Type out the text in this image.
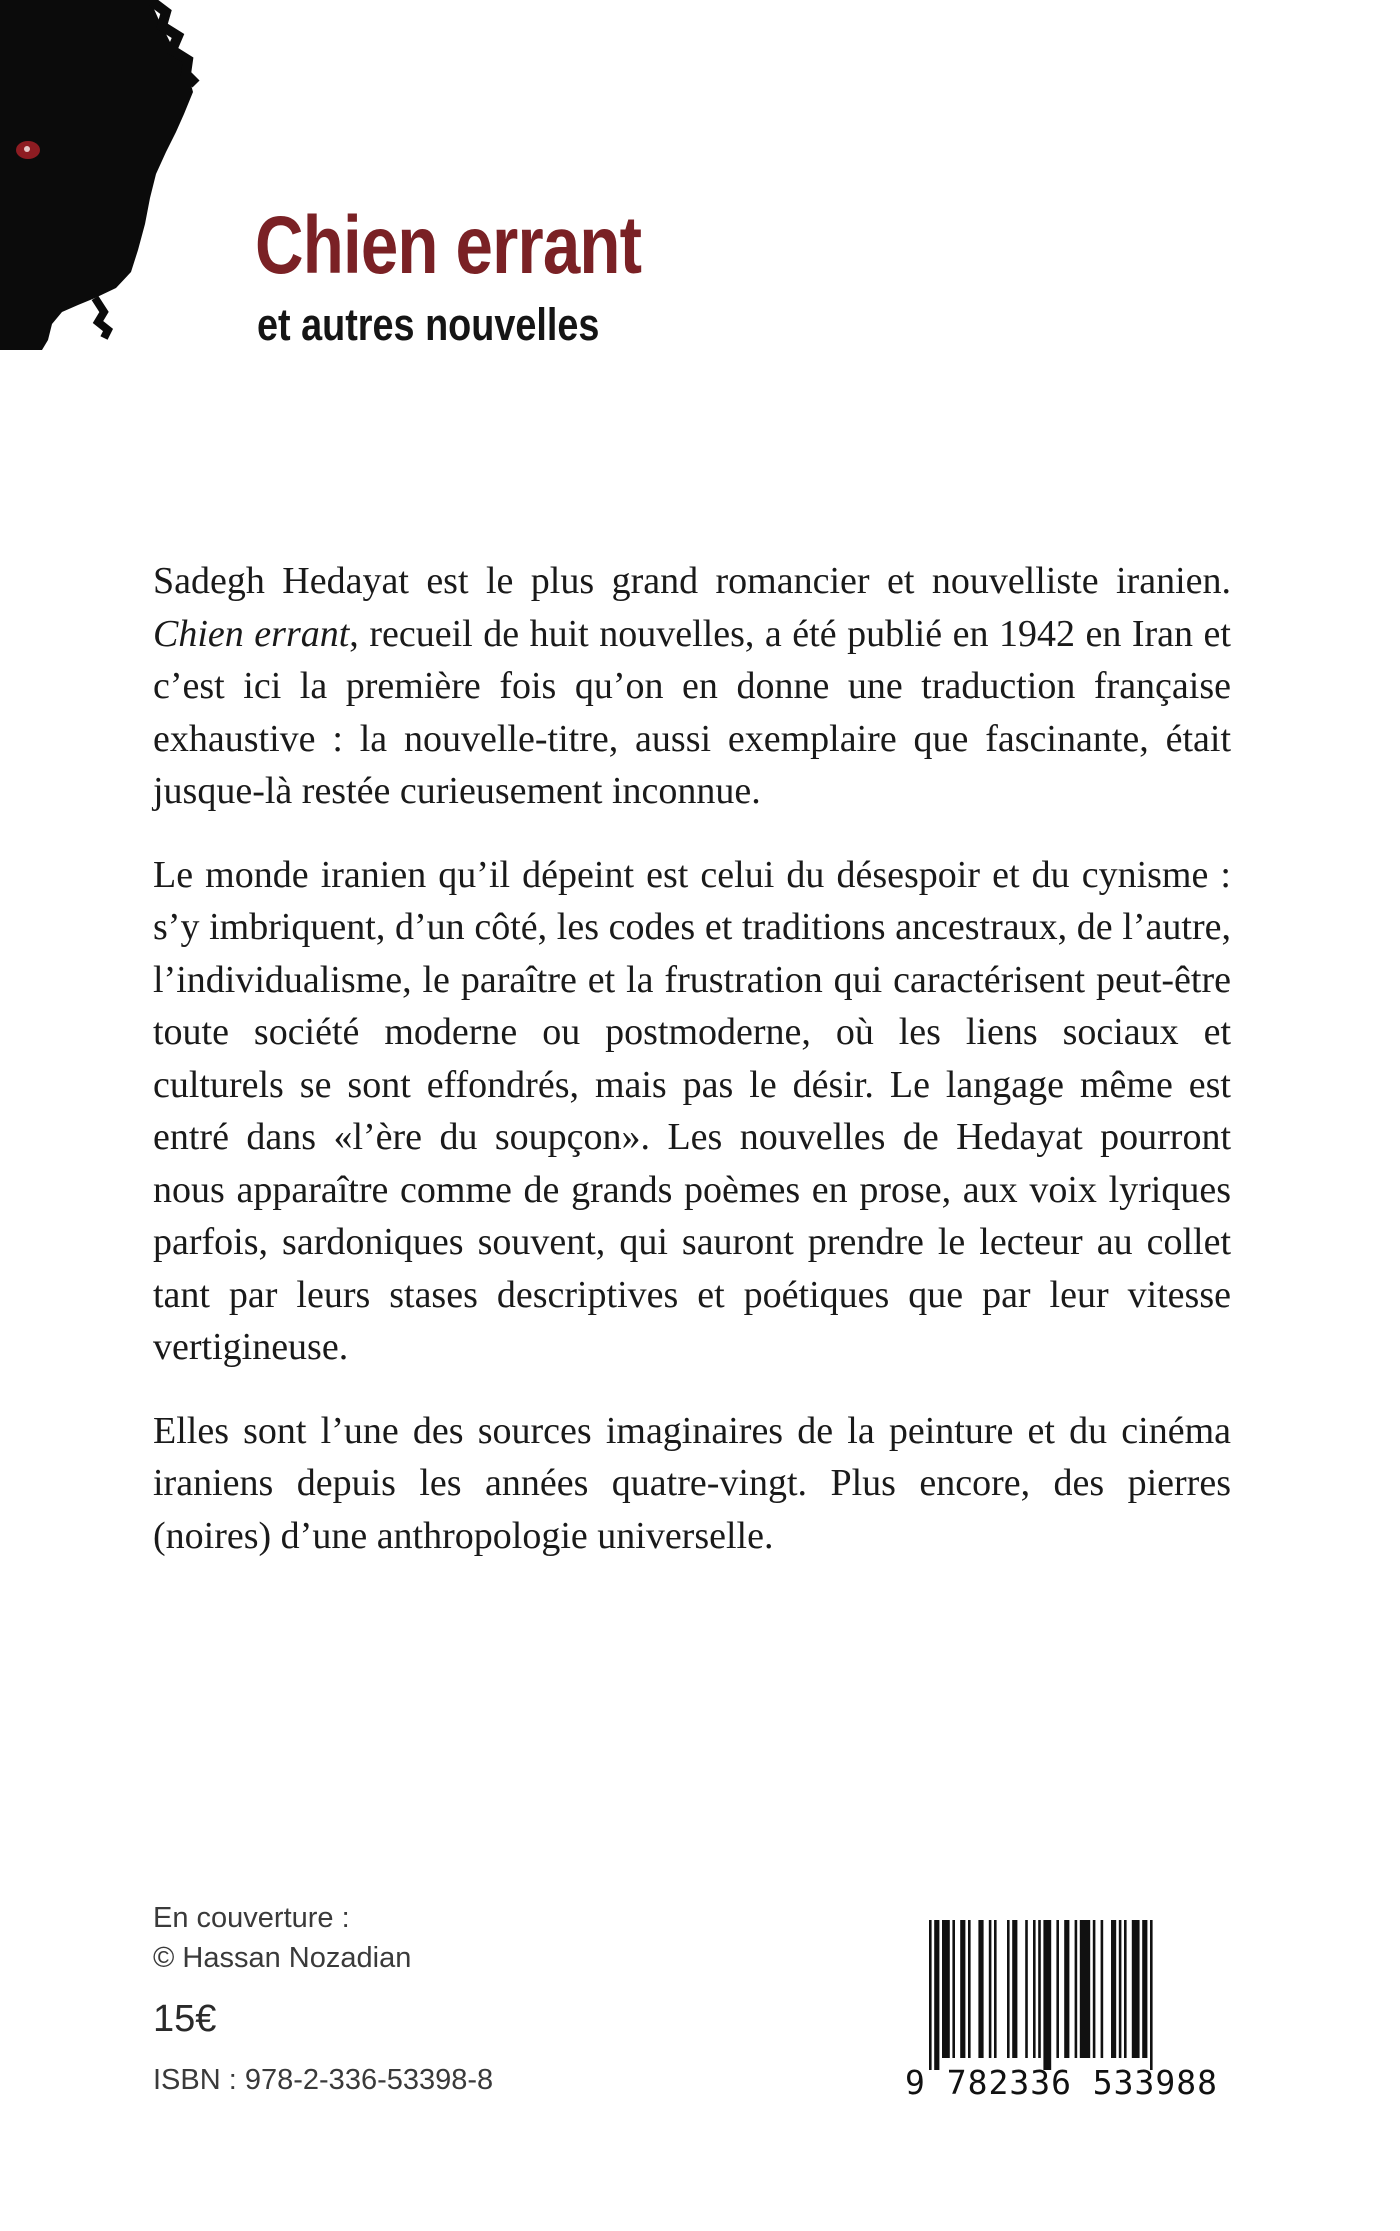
Chien errant
et autres nouvelles

Sadegh Hedayat est le plus grand romancier et nouvelliste iranien. Chien errant, recueil de huit nouvelles, a été publié en 1942 en Iran et c’est ici la première fois qu’on en donne une traduction française exhaustive : la nouvelle-titre, aussi exemplaire que fascinante, était jusque-là restée curieusement inconnue.

Le monde iranien qu’il dépeint est celui du désespoir et du cynisme : s’y imbriquent, d’un côté, les codes et traditions ancestraux, de l’autre, l’individualisme, le paraître et la frustration qui caractérisent peut-être toute société moderne ou postmoderne, où les liens sociaux et culturels se sont effondrés, mais pas le désir. Le langage même est entré dans «l’ère du soupçon». Les nouvelles de Hedayat pourront nous apparaître comme de grands poèmes en prose, aux voix lyriques parfois, sardoniques souvent, qui sauront prendre le lecteur au collet tant par leurs stases descriptives et poétiques que par leur vitesse vertigineuse.

Elles sont l’une des sources imaginaires de la peinture et du cinéma iraniens depuis les années quatre-vingt. Plus encore, des pierres (noires) d’une anthropologie universelle.

En couverture :
© Hassan Nozadian
15€
ISBN : 978-2-336-53398-8	9 782336 533988
